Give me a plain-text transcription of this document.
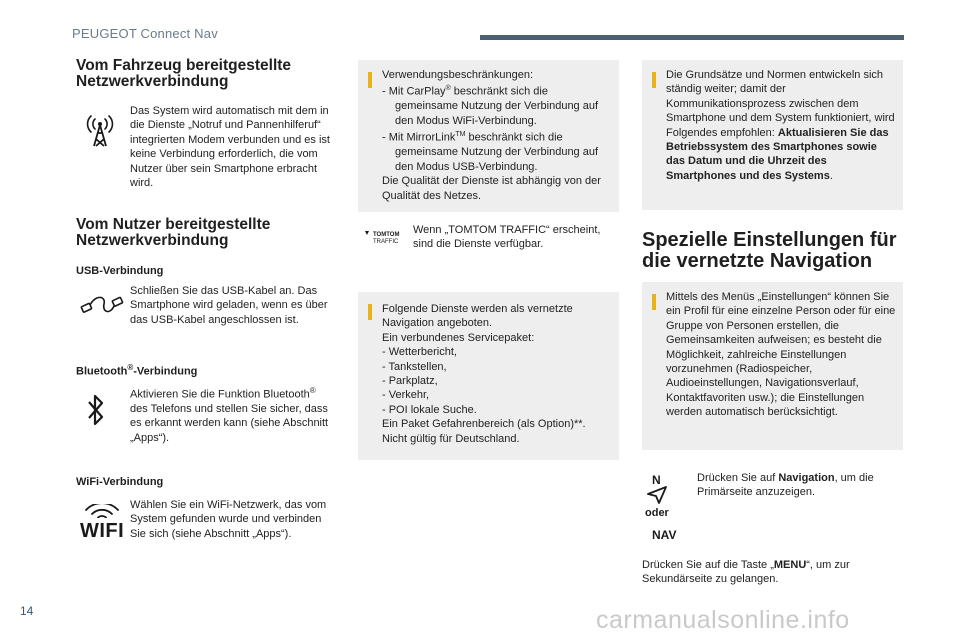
PEUGEOT Connect Nav
Vom Fahrzeug bereitgestellte Netzwerkverbindung
Das System wird automatisch mit dem in die Dienste „Notruf und Pannenhilferuf“ integrierten Modem verbunden und es ist keine Verbindung erforderlich, die vom Nutzer über sein Smartphone erbracht wird.
Vom Nutzer bereitgestellte Netzwerkverbindung
USB-Verbindung
Schließen Sie das USB-Kabel an. Das Smartphone wird geladen, wenn es über das USB-Kabel angeschlossen ist.
Bluetooth®-Verbindung
Aktivieren Sie die Funktion Bluetooth® des Telefons und stellen Sie sicher, dass es erkannt werden kann (siehe Abschnitt „Apps“).
WiFi-Verbindung
WIFI
Wählen Sie ein WiFi-Netzwerk, das vom System gefunden wurde und verbinden Sie sich (siehe Abschnitt „Apps“).
Verwendungsbeschränkungen:
- Mit CarPlay® beschränkt sich die gemeinsame Nutzung der Verbindung auf den Modus WiFi-Verbindung.
- Mit MirrorLink™ beschränkt sich die gemeinsame Nutzung der Verbindung auf den Modus USB-Verbindung.
Die Qualität der Dienste ist abhängig von der Qualität des Netzes.
TOMTOM
TRAFFIC
Wenn „TOMTOM TRAFFIC“ erscheint, sind die Dienste verfügbar.
Folgende Dienste werden als vernetzte Navigation angeboten.
Ein verbundenes Servicepaket:
- Wetterbericht,
- Tankstellen,
- Parkplatz,
- Verkehr,
- POI lokale Suche.
Ein Paket Gefahrenbereich (als Option)**. Nicht gültig für Deutschland.
Die Grundsätze und Normen entwickeln sich ständig weiter; damit der Kommunikationsprozess zwischen dem Smartphone und dem System funktioniert, wird Folgendes empfohlen: Aktualisieren Sie das Betriebssystem des Smartphones sowie das Datum und die Uhrzeit des Smartphones und des Systems.
Spezielle Einstellungen für die vernetzte Navigation
Mittels des Menüs „Einstellungen“ können Sie ein Profil für eine einzelne Person oder für eine Gruppe von Personen erstellen, die Gemeinsamkeiten aufweisen; es besteht die Möglichkeit, zahlreiche Einstellungen vorzunehmen (Radiospeicher, Audioeinstellungen, Navigationsverlauf, Kontaktfavoriten usw.); die Einstellungen werden automatisch berücksichtigt.
N
oder
NAV
Drücken Sie auf Navigation, um die Primärseite anzuzeigen.
Drücken Sie auf die Taste „MENU“, um zur Sekundärseite zu gelangen.
14	carmanualsonline.info
